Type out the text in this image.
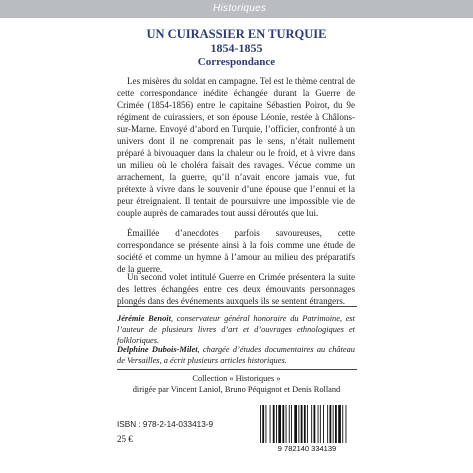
Historiques
UN CUIRASSIER EN TURQUIE
1854-1855
Correspondance

Les misères du soldat en campagne. Tel est le thème central de cette correspondance inédite échangée durant la Guerre de Crimée (1854-1856) entre le capitaine Sébastien Poirot, du 9e régiment de cuirassiers, et son épouse Léonie, restée à Châlons-sur-Marne. Envoyé d’abord en Turquie, l’officier, confronté à un univers dont il ne comprenait pas le sens, n’était nullement préparé à bivouaquer dans la chaleur ou le froid, et à vivre dans un milieu où le choléra faisait des ravages. Vécue comme un arrachement, la guerre, qu’il n’avait encore jamais vue, fut prétexte à vivre dans le souvenir d’une épouse que l’ennui et la peur étreignaient. Il tentait de poursuivre une impossible vie de couple auprès de camarades tout aussi déroutés que lui.

Émaillée d’anecdotes parfois savoureuses, cette correspondance se présente ainsi à la fois comme une étude de société et comme un hymne à l’amour au milieu des préparatifs de la guerre.

Un second volet intitulé Guerre en Crimée présentera la suite des lettres échangées entre ces deux émouvants personnages plongés dans des événements auxquels ils se sentent étrangers.

Jérémie Benoit, conservateur général honoraire du Patrimoine, est l’auteur de plusieurs livres d’art et d’ouvrages ethnologiques et folkloriques.

Delphine Dubois-Milet, chargée d’études documentaires au château de Versailles, a écrit plusieurs articles historiques.

Collection « Historiques »
dirigée par Vincent Laniol, Bruno Péquignot et Denis Rolland
ISBN : 978-2-14-033413-9
25 €
9 782140 334139
